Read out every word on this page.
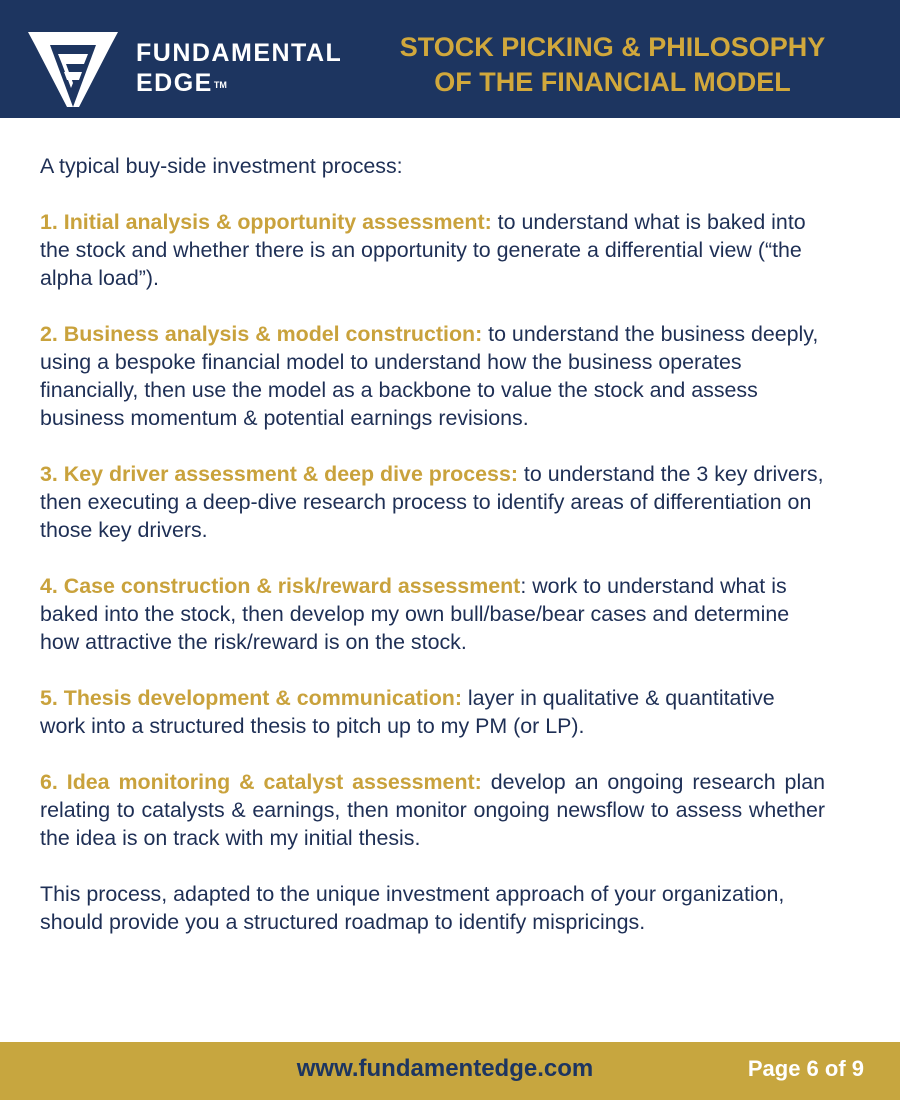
FUNDAMENTAL
EDGE™
STOCK PICKING & PHILOSOPHY
OF THE FINANCIAL MODEL

A typical buy-side investment process:

1. Initial analysis & opportunity assessment: to understand what is baked into the stock and whether there is an opportunity to generate a differential view (“the alpha load”).

2. Business analysis & model construction: to understand the business deeply, using a bespoke financial model to understand how the business operates financially, then use the model as a backbone to value the stock and assess business momentum & potential earnings revisions.

3. Key driver assessment & deep dive process: to understand the 3 key drivers, then executing a deep-dive research process to identify areas of differentiation on those key drivers.

4. Case construction & risk/reward assessment: work to understand what is baked into the stock, then develop my own bull/base/bear cases and determine how attractive the risk/reward is on the stock.

5. Thesis development & communication: layer in qualitative & quantitative work into a structured thesis to pitch up to my PM (or LP).

6. Idea monitoring & catalyst assessment: develop an ongoing research plan relating to catalysts & earnings, then monitor ongoing newsflow to assess whether the idea is on track with my initial thesis.

This process, adapted to the unique investment approach of your organization, should provide you a structured roadmap to identify mispricings.

www.fundamentedge.com	Page 6 of 9
